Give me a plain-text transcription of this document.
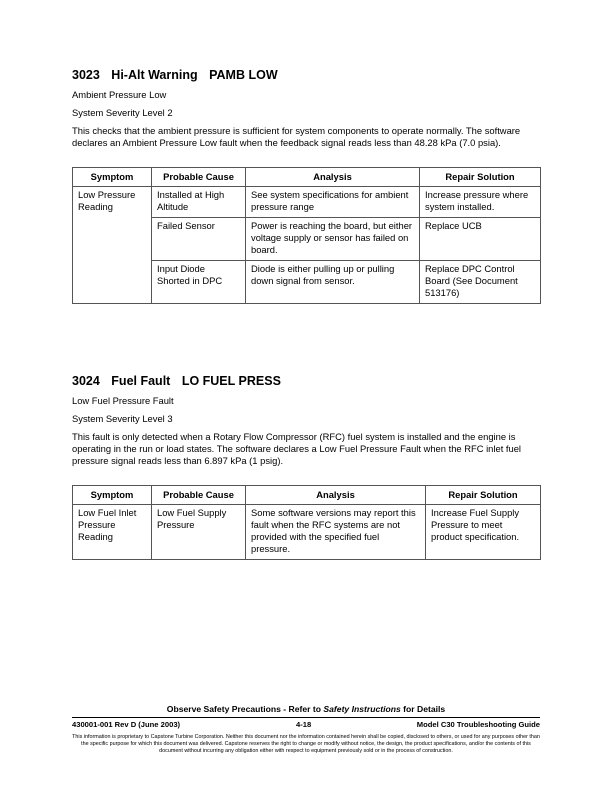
3023 Hi-Alt Warning PAMB LOW

Ambient Pressure Low

System Severity Level 2

This checks that the ambient pressure is sufficient for system components to operate normally. The software declares an Ambient Pressure Low fault when the feedback signal reads less than 48.28 kPa (7.0 psia).

Symptom	Probable Cause	Analysis	Repair Solution
Low Pressure Reading	Installed at High Altitude	See system specifications for ambient pressure range	Increase pressure where system installed.
	Failed Sensor	Power is reaching the board, but either voltage supply or sensor has failed on board.	Replace UCB
	Input Diode Shorted in DPC	Diode is either pulling up or pulling down signal from sensor.	Replace DPC Control Board (See Document 513176)
3024 Fuel Fault LO FUEL PRESS

Low Fuel Pressure Fault

System Severity Level 3

This fault is only detected when a Rotary Flow Compressor (RFC) fuel system is installed and the engine is operating in the run or load states. The software declares a Low Fuel Pressure Fault when the RFC inlet fuel pressure signal reads less than 6.897 kPa (1 psig).

Symptom	Probable Cause	Analysis	Repair Solution
Low Fuel Inlet Pressure Reading	Low Fuel Supply Pressure	Some software versions may report this fault when the RFC systems are not provided with the specified fuel pressure.	Increase Fuel Supply Pressure to meet product specification.
Observe Safety Precautions - Refer to Safety Instructions for Details
430001-001 Rev D (June 2003)	4-18	Model C30 Troubleshooting Guide
This information is proprietary to Capstone Turbine Corporation. Neither this document nor the information contained herein shall be copied, disclosed to others, or used for any purposes other than the specific purpose for which this document was delivered. Capstone reserves the right to change or modify without notice, the design, the product specifications, and/or the contents of this document without incurring any obligation either with respect to equipment previously sold or in the process of construction.
